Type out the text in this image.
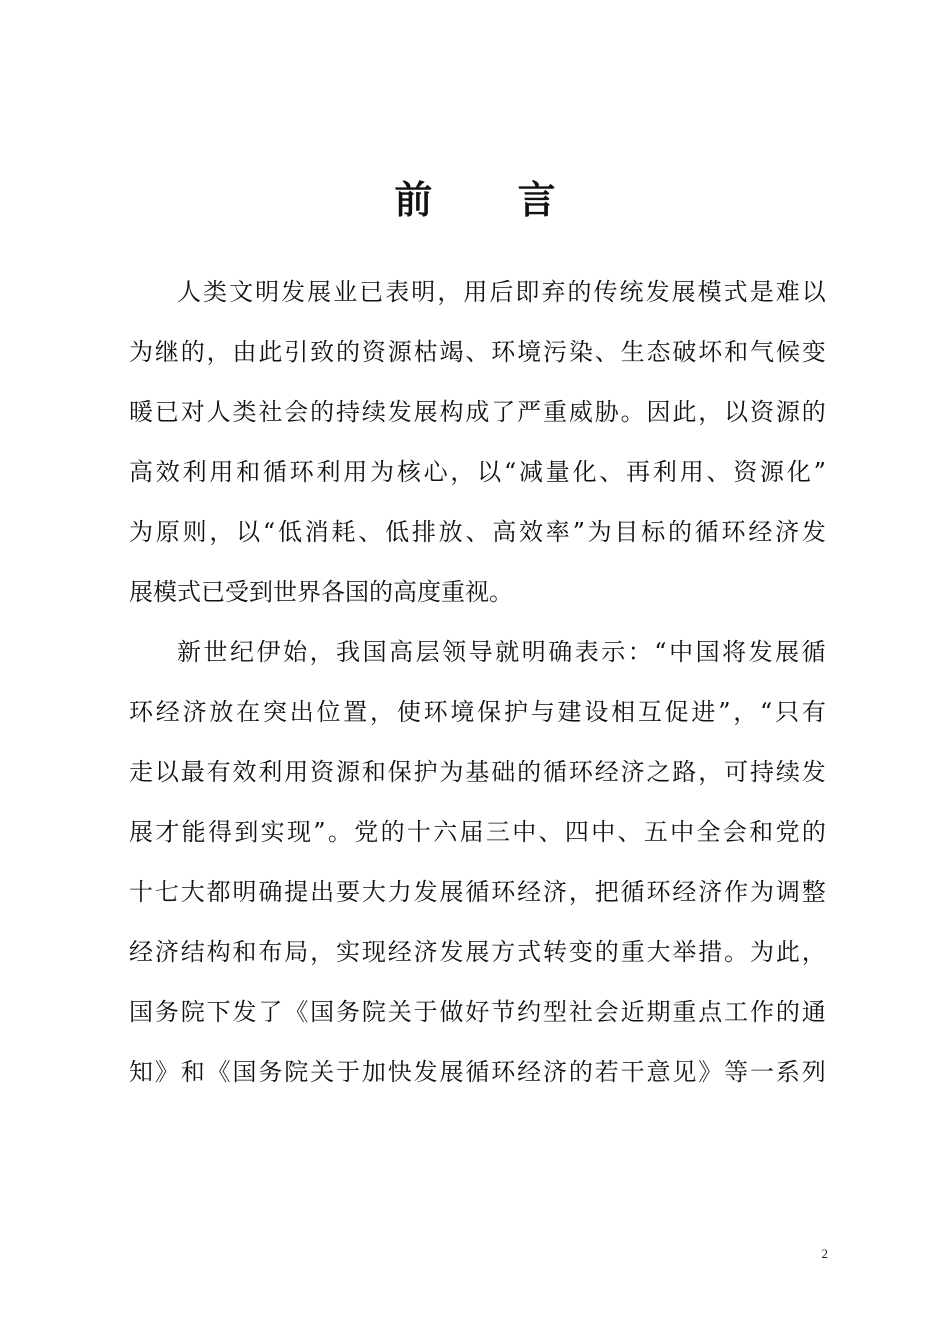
前 言
人 类 文 明 发 展 业 已 表 明 ， 用 后 即 弃 的 传 统 发 展 模 式 是 难 以
为 继 的 ， 由 此 引 致 的 资 源 枯 竭 、 环 境 污 染 、 生 态 破 坏 和 气 候 变
暖 已 对 人 类 社 会 的 持 续 发 展 构 成 了 严 重 威 胁 。 因 此 ， 以 资 源 的
高 效 利 用 和 循 环 利 用 为 核 心 ， 以 “ 减 量 化 、 再 利 用 、 资 源 化 ”
为 原 则 ， 以 “ 低 消 耗 、 低 排 放 、 高 效 率 ” 为 目 标 的 循 环 经 济 发
展模式已受到世界各国的高度重视。
新 世 纪 伊 始 ， 我 国 高 层 领 导 就 明 确 表 示 ： “ 中 国 将 发 展 循
环 经 济 放 在 突 出 位 置 ， 使 环 境 保 护 与 建 设 相 互 促 进 ” ， “ 只 有
走 以 最 有 效 利 用 资 源 和 保 护 为 基 础 的 循 环 经 济 之 路 ， 可 持 续 发
展 才 能 得 到 实 现 ” 。 党 的 十 六 届 三 中 、 四 中 、 五 中 全 会 和 党 的
十 七 大 都 明 确 提 出 要 大 力 发 展 循 环 经 济 ， 把 循 环 经 济 作 为 调 整
经 济 结 构 和 布 局 ， 实 现 经 济 发 展 方 式 转 变 的 重 大 举 措 。 为 此 ，
国 务 院 下 发 了 《 国 务 院 关 于 做 好 节 约 型 社 会 近 期 重 点 工 作 的 通
知 》 和 《 国 务 院 关 于 加 快 发 展 循 环 经 济 的 若 干 意 见 》 等 一 系 列
2
